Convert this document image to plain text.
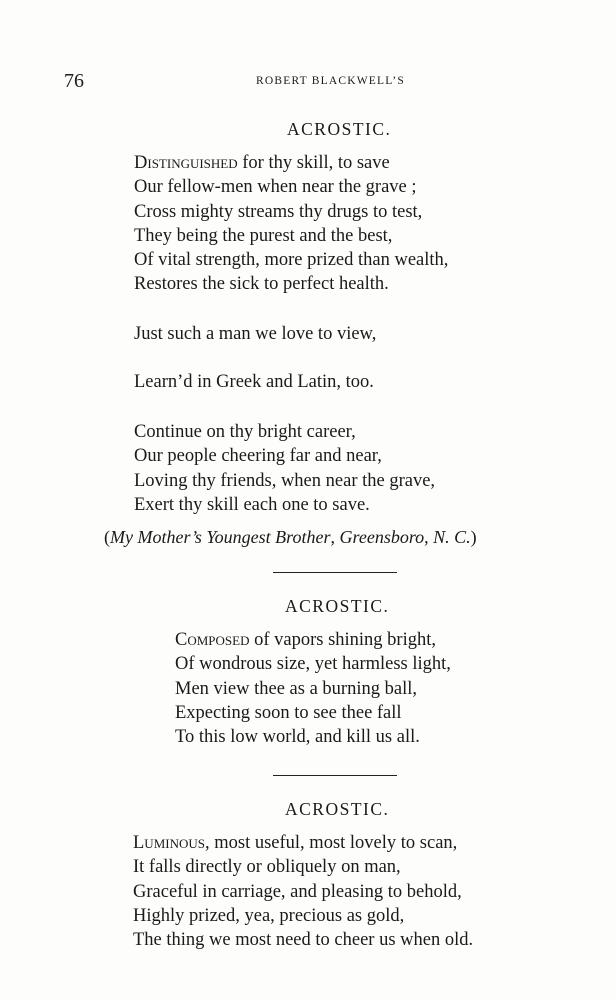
76	ROBERT BLACKWELL’S
ACROSTIC.
Distinguished for thy skill, to save
Our fellow-men when near the grave ;
Cross mighty streams thy drugs to test,
They being the purest and the best,
Of vital strength, more prized than wealth,
Restores the sick to perfect health.
Just such a man we love to view,
Learn’d in Greek and Latin, too.
Continue on thy bright career,
Our people cheering far and near,
Loving thy friends, when near the grave,
Exert thy skill each one to save.
(My Mother’s Youngest Brother, Greensboro, N. C.)
ACROSTIC.
Composed of vapors shining bright,
Of wondrous size, yet harmless light,
Men view thee as a burning ball,
Expecting soon to see thee fall
To this low world, and kill us all.
ACROSTIC.
Luminous, most useful, most lovely to scan,
It falls directly or obliquely on man,
Graceful in carriage, and pleasing to behold,
Highly prized, yea, precious as gold,
The thing we most need to cheer us when old.
